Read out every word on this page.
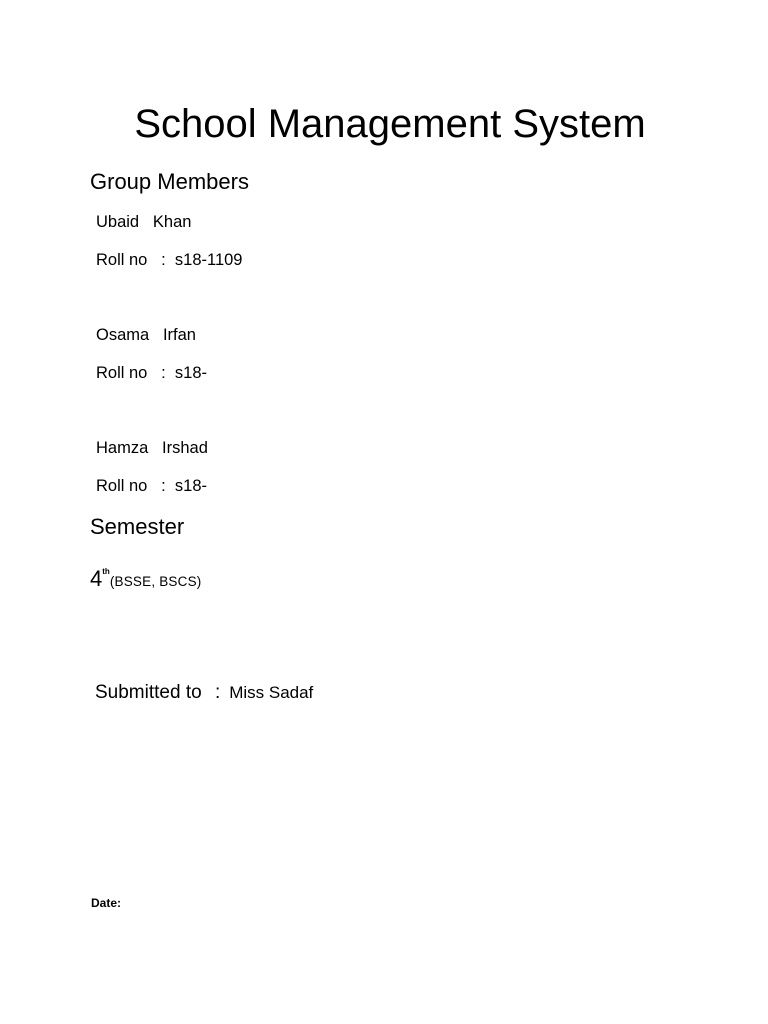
School Management System
Group Members
Ubaid Khan
Roll no : s18-1109
Osama Irfan
Roll no : s18-
Hamza Irshad
Roll no : s18-
Semester
4th(BSSE, BSCS)
Submitted to : Miss Sadaf
Date:
